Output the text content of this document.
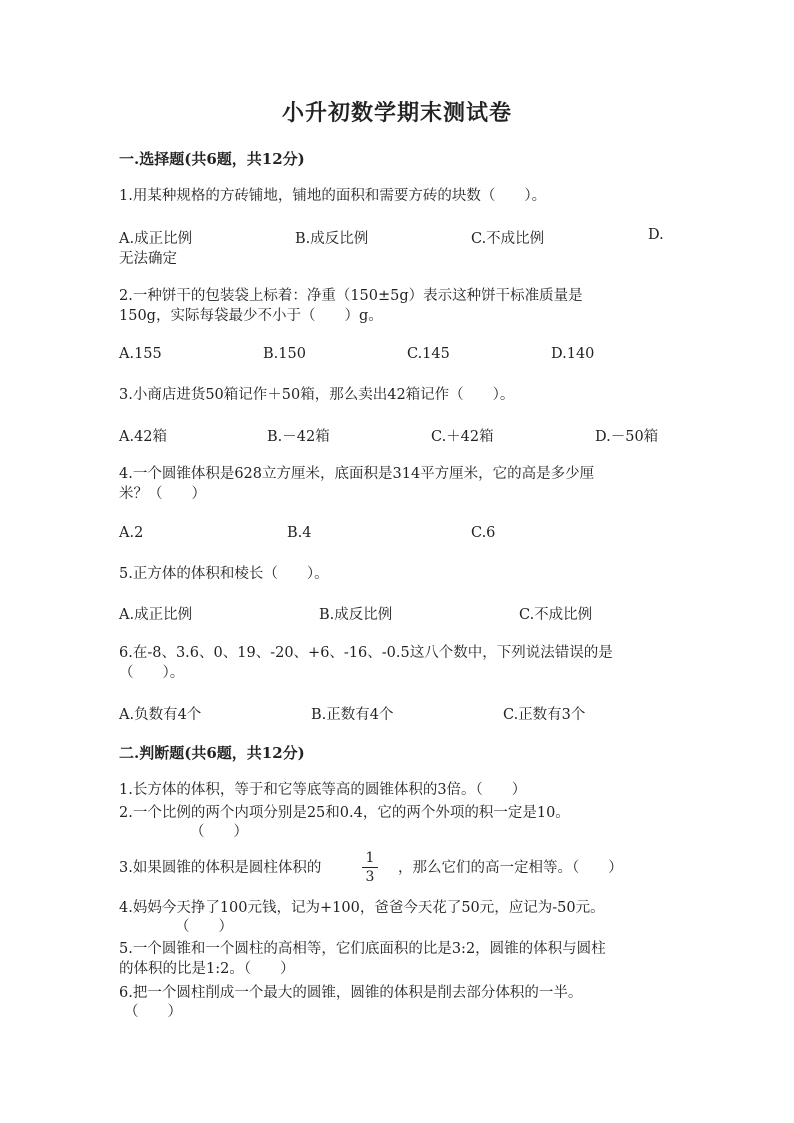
小升初数学期末测试卷
一.选择题(共6题，共12分)
1.用某种规格的方砖铺地，铺地的面积和需要方砖的块数（　　）。
A.成正比例	B.成反比例	C.不成比例	D.
无法确定
2.一种饼干的包装袋上标着：净重（150±5g）表示这种饼干标准质量是
150g，实际每袋最少不小于（　　）g。
A.155	B.150	C.145	D.140
3.小商店进货50箱记作＋50箱，那么卖出42箱记作（　　）。
A.42箱	B.－42箱	C.＋42箱	D.－50箱
4.一个圆锥体积是628立方厘米，底面积是314平方厘米，它的高是多少厘
米？（　　）
A.2	B.4	C.6
5.正方体的体积和棱长（　　）。
A.成正比例	B.成反比例	C.不成比例
6.在-8、3.6、0、19、-20、+6、-16、-0.5这八个数中，下列说法错误的是
（　　）。
A.负数有4个	B.正数有4个	C.正数有3个
二.判断题(共6题，共12分)
1.长方体的体积，等于和它等底等高的圆锥体积的3倍。（　　）
2.一个比例的两个内项分别是25和0.4，它的两个外项的积一定是10。
（　　）
3.如果圆锥的体积是圆柱体积的
1
3
，那么它们的高一定相等。（　　）
4.妈妈今天挣了100元钱，记为+100，爸爸今天花了50元，应记为-50元。
（　　）
5.一个圆锥和一个圆柱的高相等，它们底面积的比是3:2，圆锥的体积与圆柱
的体积的比是1:2。（　　）
6.把一个圆柱削成一个最大的圆锥，圆锥的体积是削去部分体积的一半。
（　　）
